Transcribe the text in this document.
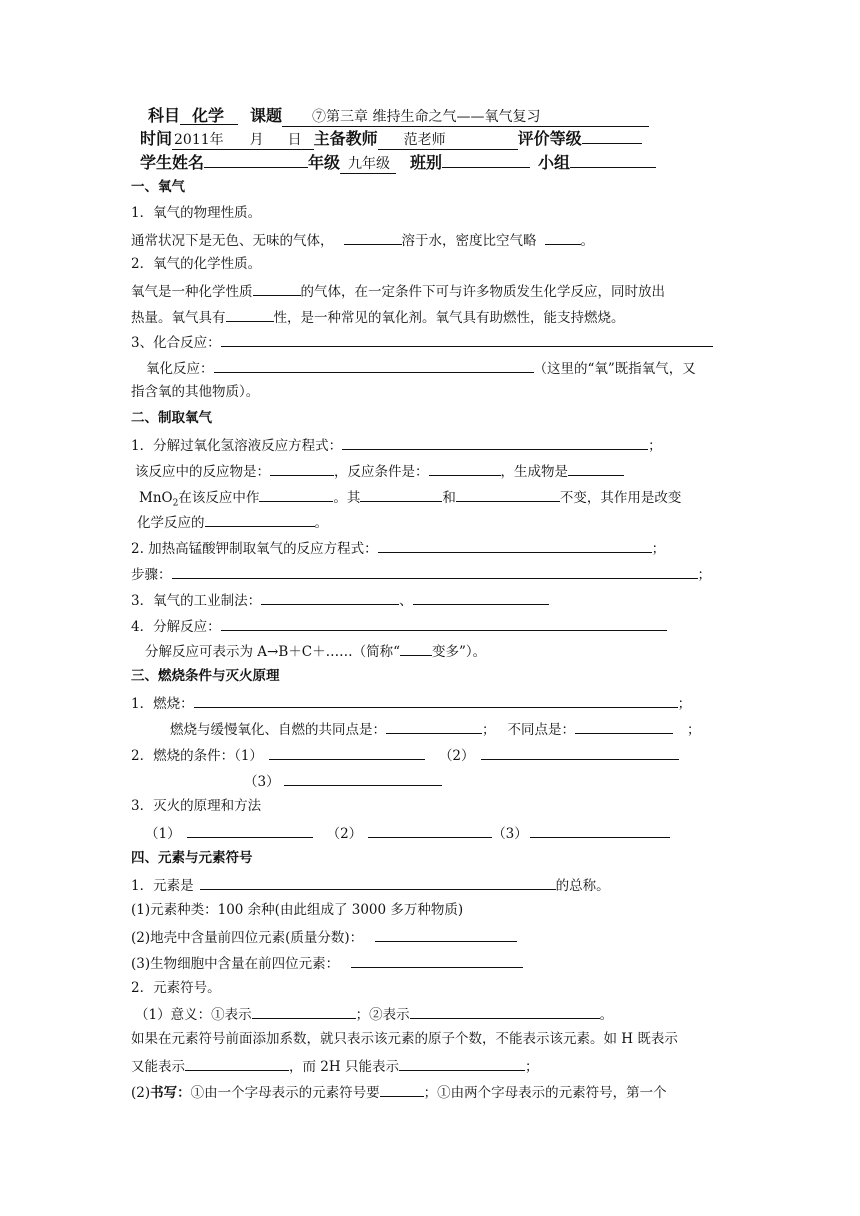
科目 化学 课题 ⑦第三章 维持生命之气——氧气复习
时间 2011年 月 日 主备教师 范老师	评价等级
学生姓名	年级 九年级 班别	小组
一、氧气
1．氧气的物理性质。
通常状况下是无色、无味的气体，	溶于水，密度比空气略	。
2．氧气的化学性质。
氧气是一种化学性质	的气体，在一定条件下可与许多物质发生化学反应，同时放出
热量。氧气具有	性，是一种常见的氧化剂。氧气具有助燃性，能支持燃烧。
3、化合反应：
氧化反应：	（这里的“氧”既指氧气，又
指含氧的其他物质）。
二、制取氧气
1．分解过氧化氢溶液反应方程式：	；
该反应中的反应物是：	，反应条件是：	，生成物是
MnO$_2$在该反应中作	。其	和	不变，其作用是改变
化学反应的	。
2. 加热高锰酸钾制取氧气的反应方程式：	；
步骤：	；
3．氧气的工业制法：	、
4．分解反应：
分解反应可表示为 A→B＋C＋……（简称“ 变多”）。
三、燃烧条件与灭火原理
1．燃烧：	；
燃烧与缓慢氧化、自燃的共同点是：	； 不同点是：	；
2．燃烧的条件：（1）	（2）
（3）
3．灭火的原理和方法
（1）	（2）	（3）
四、元素与元素符号
1．元素是	的总称。
(1)元素种类：100 余种(由此组成了 3000 多万种物质)
(2)地壳中含量前四位元素(质量分数)：
(3)生物细胞中含量在前四位元素：
2．元素符号。
（1）意义：①表示	；②表示	。
如果在元素符号前面添加系数，就只表示该元素的原子个数，不能表示该元素。如 H 既表示
又能表示	，而 2H 只能表示	；
(2)书写：①由一个字母表示的元素符号要	；①由两个字母表示的元素符号，第一个
